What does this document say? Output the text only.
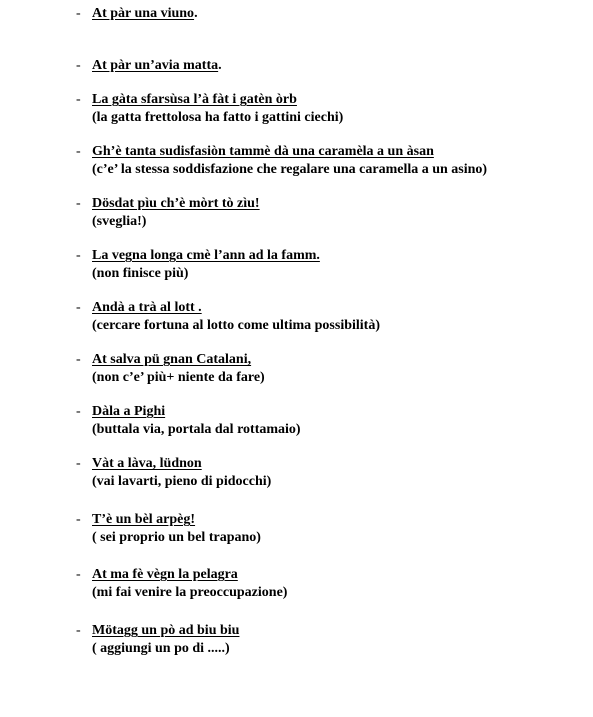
- At pàr una viuno.
- At pàr un’avia matta.
- La gàta sfarsùsa l’à fàt i gatèn òrb
(la gatta frettolosa ha fatto i gattini ciechi)
- Gh’è tanta sudisfasiòn tammè dà una caramèla a un àsan
(c’e’ la stessa soddisfazione che regalare una caramella a un asino)
- Dösdat pìu ch’è mòrt tò zìu!
(sveglia!)
- La vegna longa cmè l’ann ad la famm.
(non finisce più)
- Andà a trà al lott .
(cercare fortuna al lotto come ultima possibilità)
- At salva pü gnan Catalani,
(non c’e’ più+ niente da fare)
- Dàla a Pighi
(buttala via, portala dal rottamaio)
- Vàt a làva, lüdnon
(vai lavarti, pieno di pidocchi)
- T’è un bèl arpèg!
( sei proprio un bel trapano)
- At ma fè vègn la pelagra
(mi fai venire la preoccupazione)
- Mötagg un pò ad biu biu
( aggiungi un po di .....)
